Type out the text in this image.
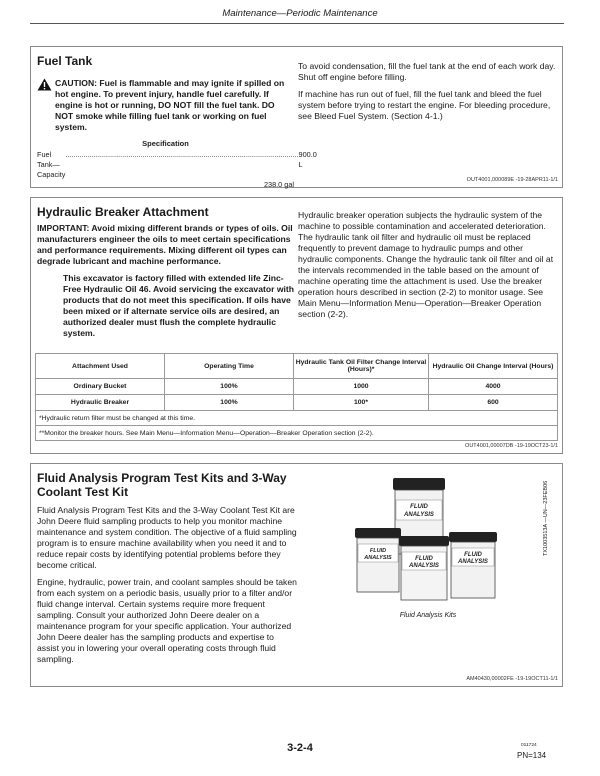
Maintenance—Periodic Maintenance
Fuel Tank
CAUTION: Fuel is flammable and may ignite if spilled on hot engine. To prevent injury, handle fuel carefully. If engine is hot or running, DO NOT fill the fuel tank. DO NOT smoke while filling fuel tank or working on fuel system.
Specification
Fuel Tank—Capacity
................................................................................................................... 900.0 L
238.0 gal

To avoid condensation, fill the fuel tank at the end of each work day. Shut off engine before filling.

If machine has run out of fuel, fill the fuel tank and bleed the fuel system before trying to restart the engine. For bleeding procedure, see Bleed Fuel System. (Section 4-1.)

OUT4001,000089E -19-28APR11-1/1
Hydraulic Breaker Attachment

IMPORTANT: Avoid mixing different brands or types of oils. Oil manufacturers engineer the oils to meet certain specifications and performance requirements. Mixing different oil types can degrade lubricant and machine performance.

This excavator is factory filled with extended life Zinc-Free Hydraulic Oil 46. Avoid servicing the excavator with products that do not meet this specification. If oils have been mixed or if alternate service oils are desired, an authorized dealer must flush the complete hydraulic system.

Hydraulic breaker operation subjects the hydraulic system of the machine to possible contamination and accelerated deterioration. The hydraulic tank oil filter and hydraulic oil must be replaced frequently to prevent damage to hydraulic pumps and other hydraulic components. Change the hydraulic tank oil filter and oil at the intervals recommended in the table based on the amount of machine operating time the attachment is used. Use the breaker operation hours described in section (2-2) to monitor usage. See Main Menu—Information Menu—Operation—Breaker Operation section (2-2).

Attachment Used	Operating Time	Hydraulic Tank Oil Filter Change Interval (Hours)*	Hydraulic Oil Change Interval (Hours)
Ordinary Bucket	100%	1000	4000
Hydraulic Breaker	100%	100*	600
*Hydraulic return filter must be changed at this time.			
**Monitor the breaker hours. See Main Menu—Information Menu—Operation—Breaker Operation section (2-2).			
OUT4001,00007DB -19-19OCT23-1/1
Fluid Analysis Program Test Kits and 3-Way Coolant Test Kit

Fluid Analysis Program Test Kits and the 3-Way Coolant Test Kit are John Deere fluid sampling products to help you monitor machine maintenance and system condition. The objective of a fluid sampling program is to ensure machine availability when you need it and to reduce repair costs by identifying potential problems before they become critical.

Engine, hydraulic, power train, and coolant samples should be taken from each system on a periodic basis, usually prior to a filter and/or fluid change interval. Certain systems require more frequent sampling. Consult your authorized John Deere dealer on a maintenance program for your specific application. Your authorized John Deere dealer has the sampling products and expertise to assist you in lowering your overall operating costs through fluid sampling.

FLUID
ANALYSIS
FLUID
ANALYSIS	FLUID
ANALYSIS
FLUID
ANALYSIS
Fluid Analysis Kits
TX1003513A —UN—23FEB06
AM40430,00002FE -19-19OCT11-1/1
3-2-4	011724
PN=134
